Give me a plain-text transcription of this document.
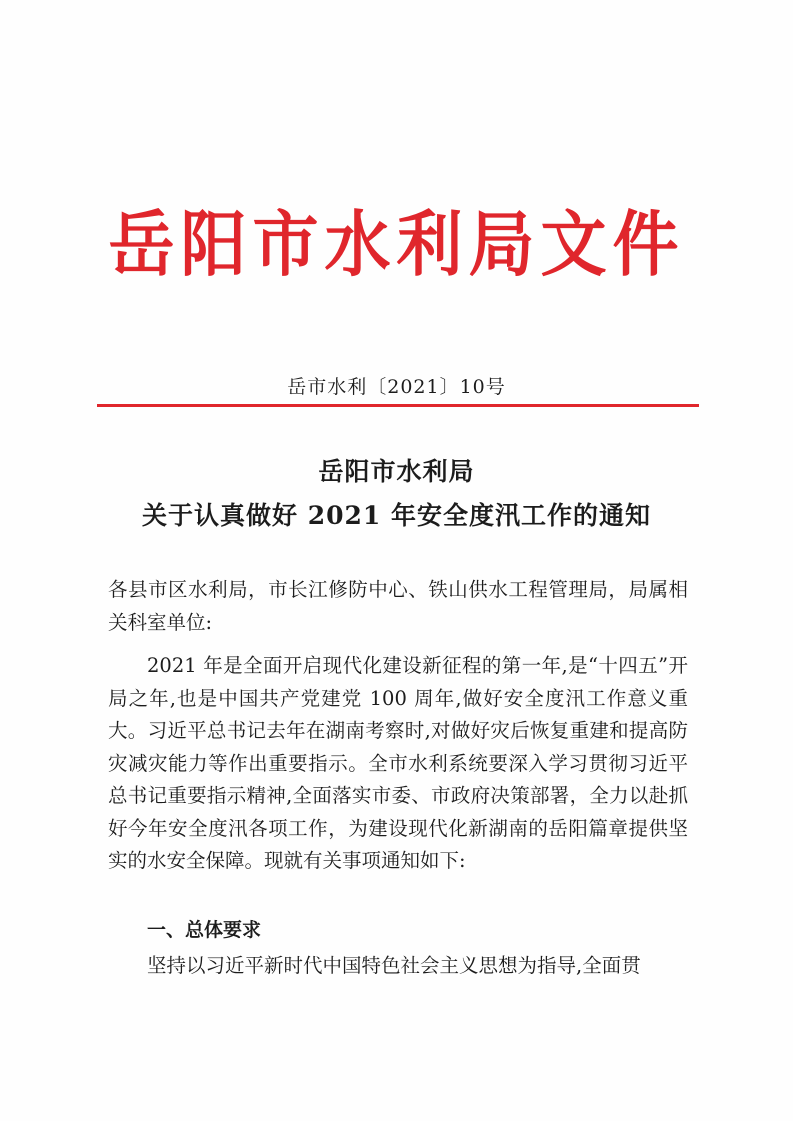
岳阳市水利局文件
岳市水利〔2021〕10号
岳阳市水利局
关于认真做好 2021 年安全度汛工作的通知
各县市区水利局，市长江修防中心、铁山供水工程管理局，局属相关科室单位:
2021 年是全面开启现代化建设新征程的第一年,是“十四五”开局之年,也是中国共产党建党 100 周年,做好安全度汛工作意义重大。习近平总书记去年在湖南考察时,对做好灾后恢复重建和提高防灾减灾能力等作出重要指示。全市水利系统要深入学习贯彻习近平总书记重要指示精神,全面落实市委、市政府决策部署，全力以赴抓好今年安全度汛各项工作，为建设现代化新湖南的岳阳篇章提供坚实的水安全保障。现就有关事项通知如下:
一、总体要求
坚持以习近平新时代中国特色社会主义思想为指导,全面贯
